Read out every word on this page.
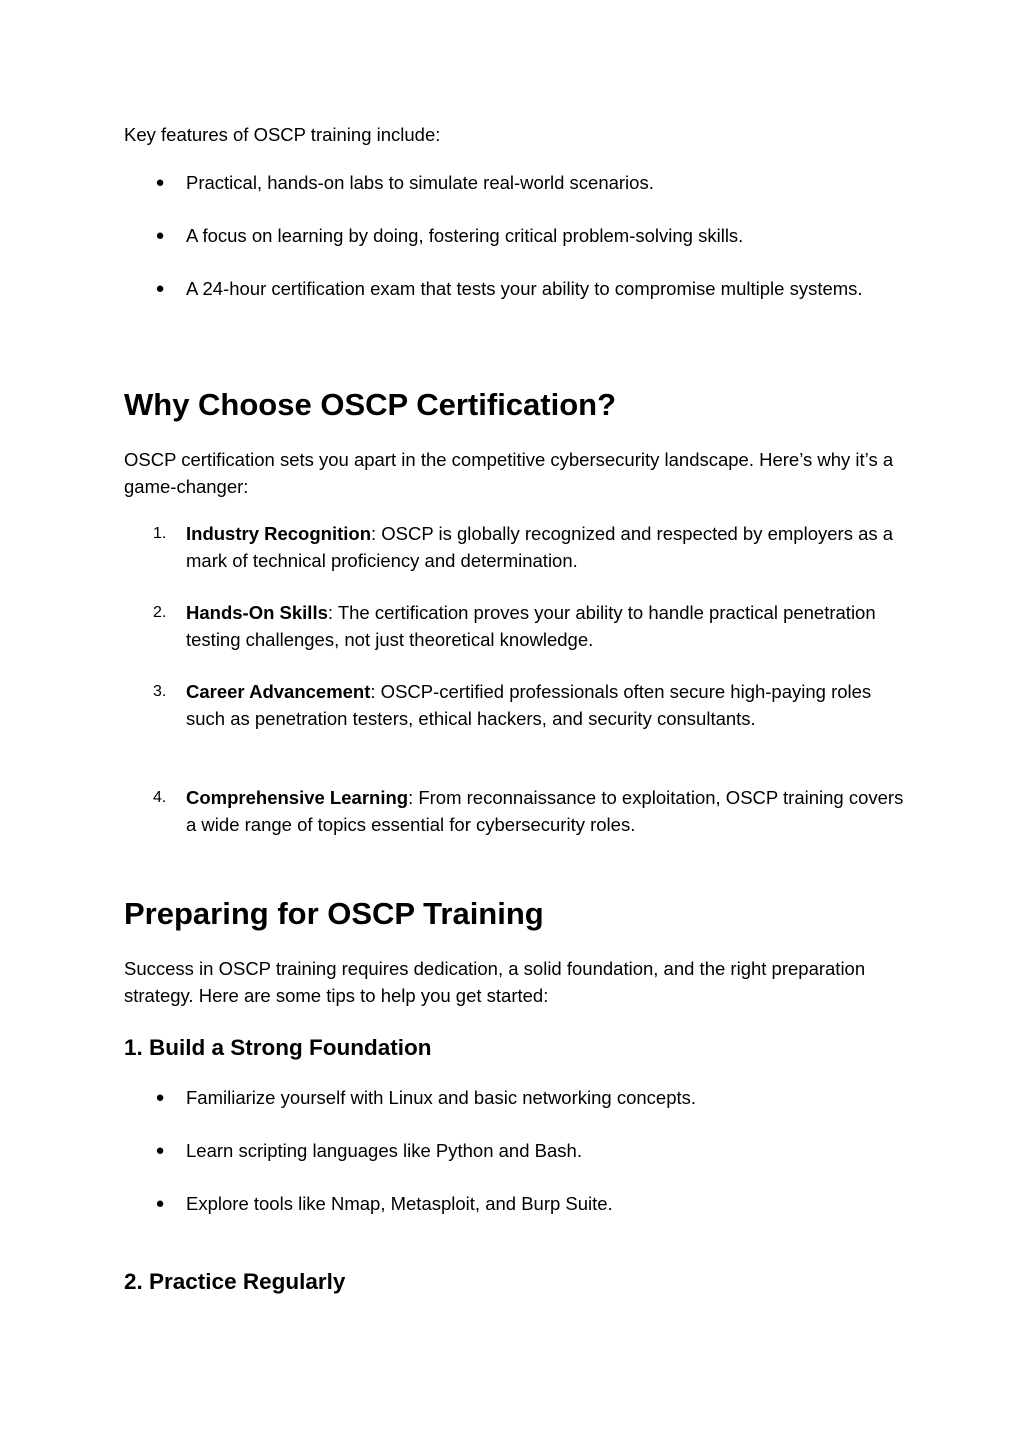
Key features of OSCP training include:

● Practical, hands-on labs to simulate real-world scenarios.

● A focus on learning by doing, fostering critical problem-solving skills.

● A 24-hour certification exam that tests your ability to compromise multiple systems.

Why Choose OSCP Certification?

OSCP certification sets you apart in the competitive cybersecurity landscape. Here’s why it’s a game-changer:

1.	Industry Recognition: OSCP is globally recognized and respected by employers as a mark of technical proficiency and determination.

2.	Hands-On Skills: The certification proves your ability to handle practical penetration testing challenges, not just theoretical knowledge.

3.	Career Advancement: OSCP-certified professionals often secure high-paying roles such as penetration testers, ethical hackers, and security consultants.

4.	Comprehensive Learning: From reconnaissance to exploitation, OSCP training covers a wide range of topics essential for cybersecurity roles.

Preparing for OSCP Training

Success in OSCP training requires dedication, a solid foundation, and the right preparation strategy. Here are some tips to help you get started:

1. Build a Strong Foundation
● Familiarize yourself with Linux and basic networking concepts.

● Learn scripting languages like Python and Bash.

● Explore tools like Nmap, Metasploit, and Burp Suite.

2. Practice Regularly
